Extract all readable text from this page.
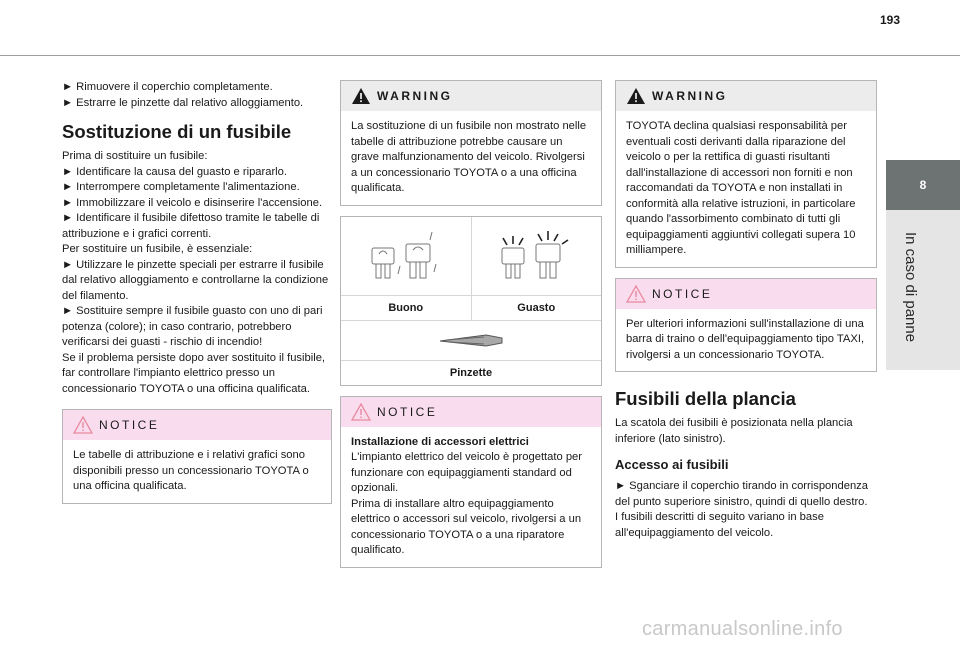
193
8
In caso di panne
► Rimuovere il coperchio completamente.
► Estrarre le pinzette dal relativo alloggiamento.
Sostituzione di un fusibile
Prima di sostituire un fusibile:
► Identificare la causa del guasto e ripararlo.
► Interrompere completamente l'alimentazione.
► Immobilizzare il veicolo e disinserire l'accensione.
► Identificare il fusibile difettoso tramite le tabelle di attribuzione e i grafici correnti.
Per sostituire un fusibile, è essenziale:
► Utilizzare le pinzette speciali per estrarre il fusibile dal relativo alloggiamento e controllarne la condizione del filamento.
► Sostituire sempre il fusibile guasto con uno di pari potenza (colore); in caso contrario, potrebbero verificarsi dei guasti - rischio di incendio!
Se il problema persiste dopo aver sostituito il fusibile, far controllare l'impianto elettrico presso un concessionario TOYOTA o una officina qualificata.
NOTICE
Le tabelle di attribuzione e i relativi grafici sono disponibili presso un concessionario TOYOTA o una officina qualificata.
WARNING
La sostituzione di un fusibile non mostrato nelle tabelle di attribuzione potrebbe causare un grave malfunzionamento del veicolo. Rivolgersi a un concessionario TOYOTA o a una officina qualificata.
Buono	Guasto
Pinzette
NOTICE
Installazione di accessori elettrici
L'impianto elettrico del veicolo è progettato per funzionare con equipaggiamenti standard od opzionali.
Prima di installare altro equipaggiamento elettrico o accessori sul veicolo, rivolgersi a un concessionario TOYOTA o a una riparatore qualificato.
WARNING
TOYOTA declina qualsiasi responsabilità per eventuali costi derivanti dalla riparazione del veicolo o per la rettifica di guasti risultanti dall'installazione di accessori non forniti e non raccomandati da TOYOTA e non installati in conformità alla relative istruzioni, in particolare quando l'assorbimento combinato di tutti gli equipaggiamenti aggiuntivi collegati supera 10 milliampere.
NOTICE
Per ulteriori informazioni sull'installazione di una barra di traino o dell'equipaggiamento tipo TAXI, rivolgersi a un concessionario TOYOTA.
Fusibili della plancia
La scatola dei fusibili è posizionata nella plancia inferiore (lato sinistro).
Accesso ai fusibili
► Sganciare il coperchio tirando in corrispondenza del punto superiore sinistro, quindi di quello destro.
I fusibili descritti di seguito variano in base all'equipaggiamento del veicolo.
carmanualsonline.info
